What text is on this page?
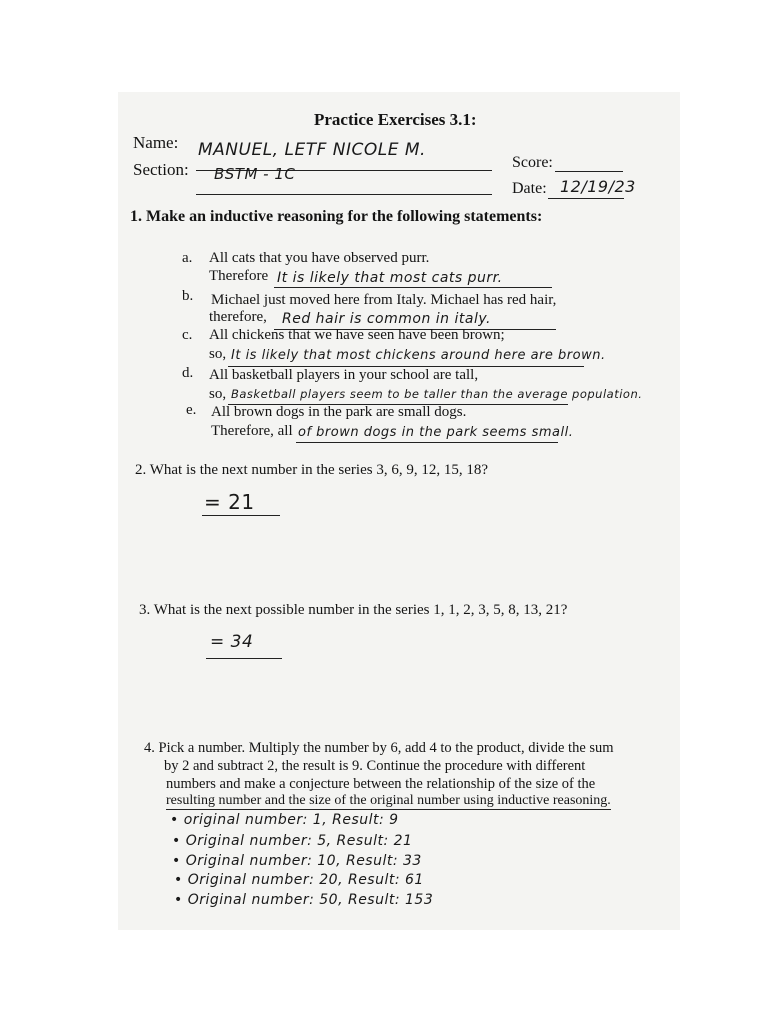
Practice Exercises 3.1:
Name: MANUEL, LETF NICOLE M.
Section: BSTM - 1C
Score:
Date: 12/19/23
1. Make an inductive reasoning for the following statements:
a. All cats that you have observed purr.
Therefore It is likely that most cats purr.
b. Michael just moved here from Italy. Michael has red hair,
therefore, Red hair is common in italy.
c. All chickens that we have seen have been brown;
so, It is likely that most chickens around here are brown.
d. All basketball players in your school are tall,
so, Basketball players seem to be taller than the average population.
e. All brown dogs in the park are small dogs.
Therefore, all of brown dogs in the park seems small.
2. What is the next number in the series 3, 6, 9, 12, 15, 18?
= 21
3. What is the next possible number in the series 1, 1, 2, 3, 5, 8, 13, 21?
= 34
4. Pick a number. Multiply the number by 6, add 4 to the product, divide the sum
by 2 and subtract 2, the result is 9. Continue the procedure with different
numbers and make a conjecture between the relationship of the size of the
resulting number and the size of the original number using inductive reasoning.
• original number: 1, Result: 9
• Original number: 5, Result: 21
• Original number: 10, Result: 33
• Original number: 20, Result: 61
• Original number: 50, Result: 153
